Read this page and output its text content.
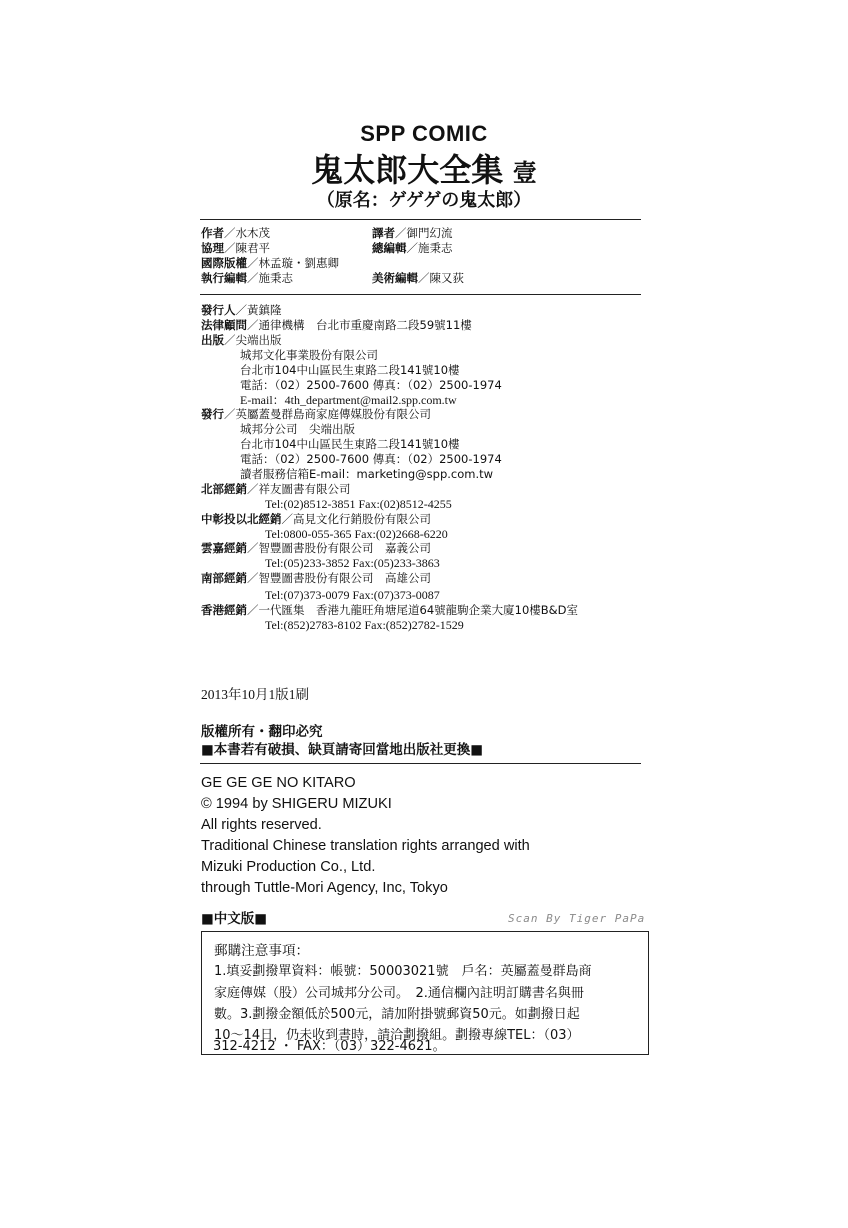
SPP COMIC
鬼太郎大全集 壹
（原名：ゲゲゲの鬼太郎）
作者／水木茂	譯者／御門幻流
協理／陳君平	總編輯／施秉志
國際版權／林孟璇・劉惠卿
執行編輯／施秉志	美術編輯／陳又荻
發行人／黃鎮隆
法律顧問／通律機構　台北市重慶南路二段59號11樓
出版／尖端出版
城邦文化事業股份有限公司
台北市104中山區民生東路二段141號10樓
電話：（02）2500-7600 傳真：（02）2500-1974
E-mail：4th_department@mail2.spp.com.tw
發行／英屬蓋曼群島商家庭傳媒股份有限公司
城邦分公司　尖端出版
台北市104中山區民生東路二段141號10樓
電話：（02）2500-7600 傳真：（02）2500-1974
讀者服務信箱E-mail：marketing@spp.com.tw
北部經銷／祥友圖書有限公司
Tel:(02)8512-3851 Fax:(02)8512-4255
中彰投以北經銷／高見文化行銷股份有限公司
Tel:0800-055-365 Fax:(02)2668-6220
雲嘉經銷／智豐圖書股份有限公司　嘉義公司
Tel:(05)233-3852 Fax:(05)233-3863
南部經銷／智豐圖書股份有限公司　高雄公司
Tel:(07)373-0079 Fax:(07)373-0087
香港經銷／一代匯集　香港九龍旺角塘尾道64號龍駒企業大廈10樓B&D室
Tel:(852)2783-8102 Fax:(852)2782-1529
2013年10月1版1刷
版權所有・翻印必究
■本書若有破損、缺頁請寄回當地出版社更換■
GE GE GE NO KITARO
© 1994 by SHIGERU MIZUKI
All rights reserved.
Traditional Chinese translation rights arranged with
Mizuki Production Co., Ltd.
through Tuttle-Mori Agency, Inc, Tokyo
■中文版■	Scan By Tiger PaPa
郵購注意事項：
1.填妥劃撥單資料：帳號：50003021號　戶名：英屬蓋曼群島商
家庭傳媒（股）公司城邦分公司。　2.通信欄內註明訂購書名與冊
數。3.劃撥金額低於500元，請加附掛號郵資50元。如劃撥日起
10～14日，仍未收到書時，請洽劃撥組。劃撥專線TEL：（03）
312-4212 ・ FAX：（03）322-4621。
